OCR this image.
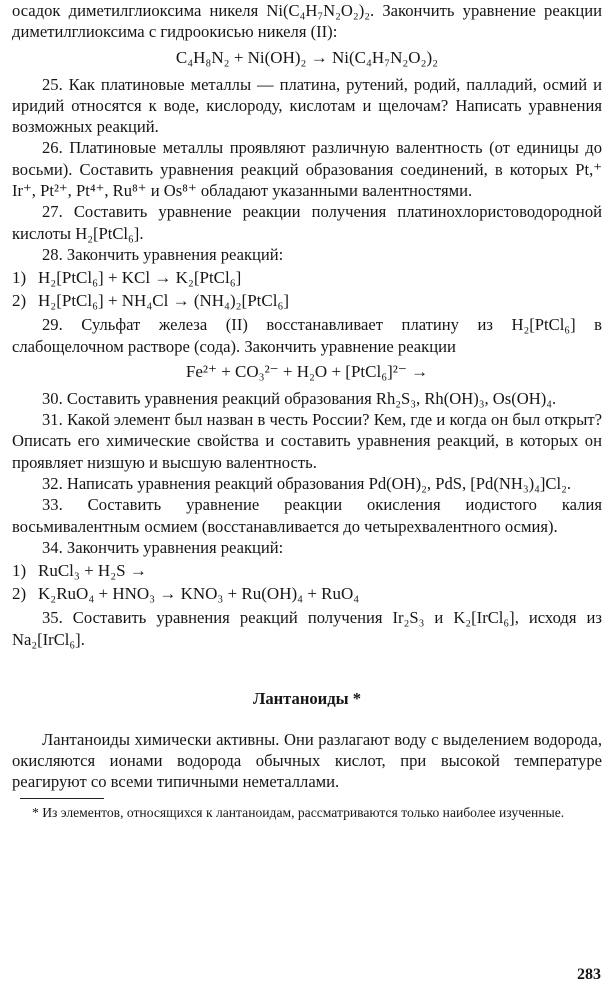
осадок диметилглиоксима никеля Ni(C₄H₇N₂O₂)₂. Закончить уравнение реакции диметилглиоксима с гидроокисью никеля (II):

C₄H₈N₂ + Ni(OH)₂ → Ni(C₄H₇N₂O₂)₂

25. Как платиновые металлы — платина, рутений, родий, палладий, осмий и иридий относятся к воде, кислороду, кислотам и щелочам? Написать уравнения возможных реакций.

26. Платиновые металлы проявляют различную валентность (от единицы до восьми). Составить уравнения реакций образования соединений, в которых Pt,⁺ Ir⁺, Pt²⁺, Pt⁴⁺, Ru⁸⁺ и Os⁸⁺ обладают указанными валентностями.

27. Составить уравнение реакции получения платинохлористоводородной кислоты H₂[PtCl₆].

28. Закончить уравнения реакций:

1) H₂[PtCl₆] + KCl → K₂[PtCl₆]
2) H₂[PtCl₆] + NH₄Cl → (NH₄)₂[PtCl₆]

29. Сульфат железа (II) восстанавливает платину из H₂[PtCl₆] в слабощелочном растворе (сода). Закончить уравнение реакции

Fe²⁺ + CO₃²⁻ + H₂O + [PtCl₆]²⁻ →

30. Составить уравнения реакций образования Rh₂S₃, Rh(OH)₃, Os(OH)₄.

31. Какой элемент был назван в честь России? Кем, где и когда он был открыт? Описать его химические свойства и составить уравнения реакций, в которых он проявляет низшую и высшую валентность.

32. Написать уравнения реакций образования Pd(OH)₂, PdS, [Pd(NH₃)₄]Cl₂.

33. Составить уравнение реакции окисления иодистого калия восьмивалентным осмием (восстанавливается до четырехвалентного осмия).

34. Закончить уравнения реакций:

1) RuCl₃ + H₂S →
2) K₂RuO₄ + HNO₃ → KNO₃ + Ru(OH)₄ + RuO₄

35. Составить уравнения реакций получения Ir₂S₃ и K₂[IrCl₆], исходя из Na₂[IrCl₆].

Лантаноиды *

Лантаноиды химически активны. Они разлагают воду с выделением водорода, окисляются ионами водорода обычных кислот, при высокой температуре реагируют со всеми типичными неметаллами.

* Из элементов, относящихся к лантаноидам, рассматриваются только наиболее изученные.

283
